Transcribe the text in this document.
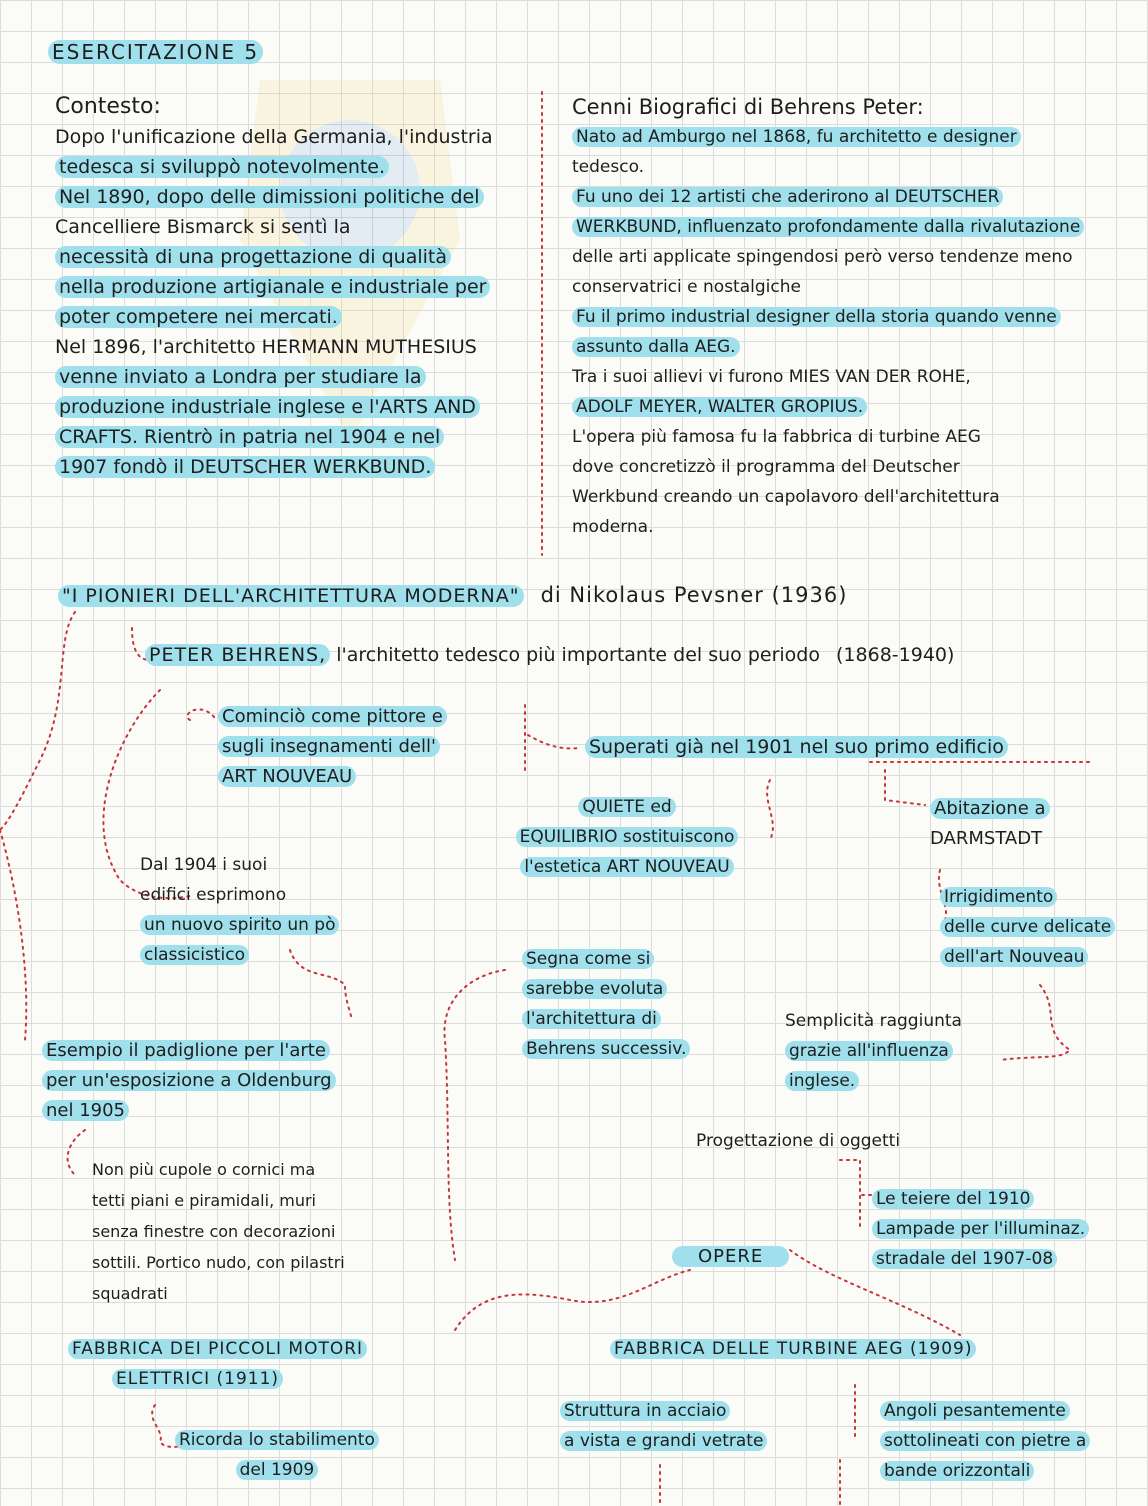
ESERCITAZIONE 5

Contesto:

Dopo l'unificazione della Germania, l'industria

tedesca si sviluppò notevolmente.

Nel 1890, dopo delle dimissioni politiche del

Cancelliere Bismarck si sentì la

necessità di una progettazione di qualità

nella produzione artigianale e industriale per

poter competere nei mercati.

Nel 1896, l'architetto HERMANN MUTHESIUS

venne inviato a Londra per studiare la

produzione industriale inglese e l'ARTS AND

CRAFTS. Rientrò in patria nel 1904 e nel

1907 fondò il DEUTSCHER WERKBUND.

Cenni Biografici di Behrens Peter:

Nato ad Amburgo nel 1868, fu architetto e designer

tedesco.

Fu uno dei 12 artisti che aderirono al DEUTSCHER

WERKBUND, influenzato profondamente dalla rivalutazione

delle arti applicate spingendosi però verso tendenze meno

conservatrici e nostalgiche

Fu il primo industrial designer della storia quando venne

assunto dalla AEG.

Tra i suoi allievi vi furono MIES VAN DER ROHE,

ADOLF MEYER, WALTER GROPIUS.

L'opera più famosa fu la fabbrica di turbine AEG

dove concretizzò il programma del Deutscher

Werkbund creando un capolavoro dell'architettura

moderna.

"I PIONIERI DELL'ARCHITETTURA MODERNA" di Nikolaus Pevsner (1936)
PETER BEHRENS, l'architetto tedesco più importante del suo periodo (1868-1940)

Cominciò come pittore e

sugli insegnamenti dell'

ART NOUVEAU

Superati già nel 1901 nel suo primo edificio

QUIETE ed

EQUILIBRIO sostituiscono

l'estetica ART NOUVEAU

Abitazione a

DARMSTADT

Irrigidimento

delle curve delicate

dell'art Nouveau

Dal 1904 i suoi

edifici esprimono

un nuovo spirito un pò

classicistico	Segna come si

sarebbe evoluta

l'architettura di

Behrens successiv.

Semplicità raggiunta

grazie all'influenza

inglese.

Esempio il padiglione per l'arte

per un'esposizione a Oldenburg

nel 1905

Non più cupole o cornici ma

tetti piani e piramidali, muri

senza finestre con decorazioni

sottili. Portico nudo, con pilastri

squadrati

Progettazione di oggetti

Le teiere del 1910

Lampade per l'illuminaz.

stradale del 1907-08

OPERE

FABBRICA DEI PICCOLI MOTORI

ELETTRICI (1911)

Ricorda lo stabilimento

del 1909

FABBRICA DELLE TURBINE AEG (1909)

Struttura in acciaio

a vista e grandi vetrate

Angoli pesantemente

sottolineati con pietre a

bande orizzontali
